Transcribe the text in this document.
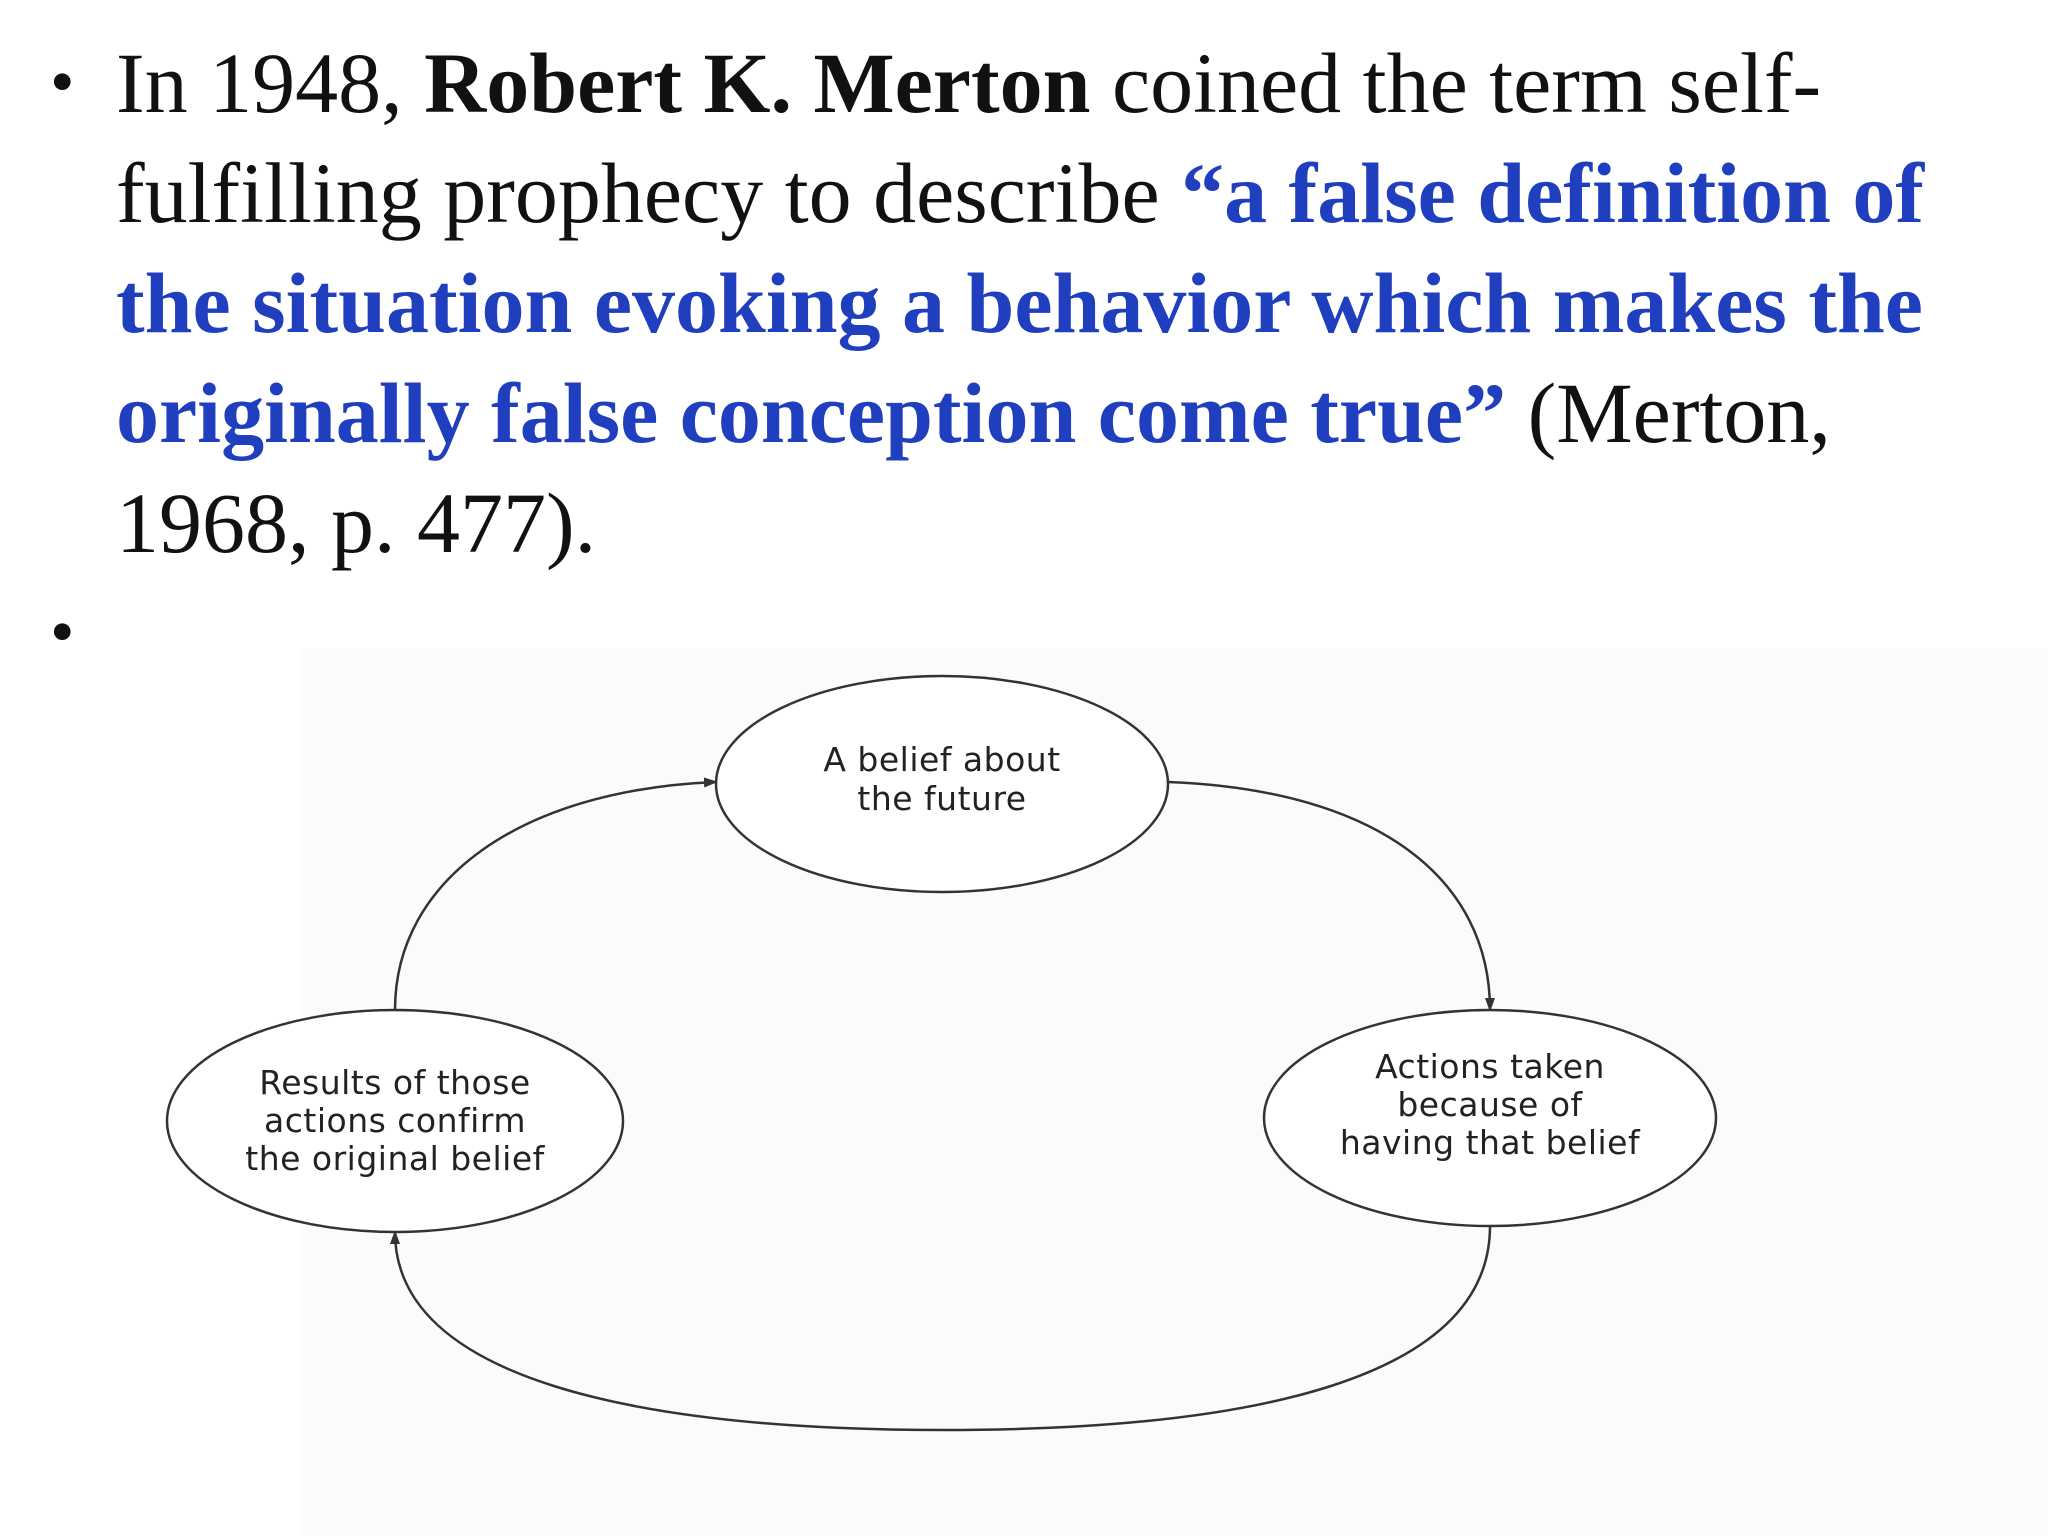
• In 1948, Robert K. Merton coined the term self-fulfilling prophecy to describe “a false definition of the situation evoking a behavior which makes the originally false conception come true” (Merton, 1968, p. 477).
•
A belief about
the future
Actions taken
because of
having that belief
Results of those
actions confirm
the original belief
